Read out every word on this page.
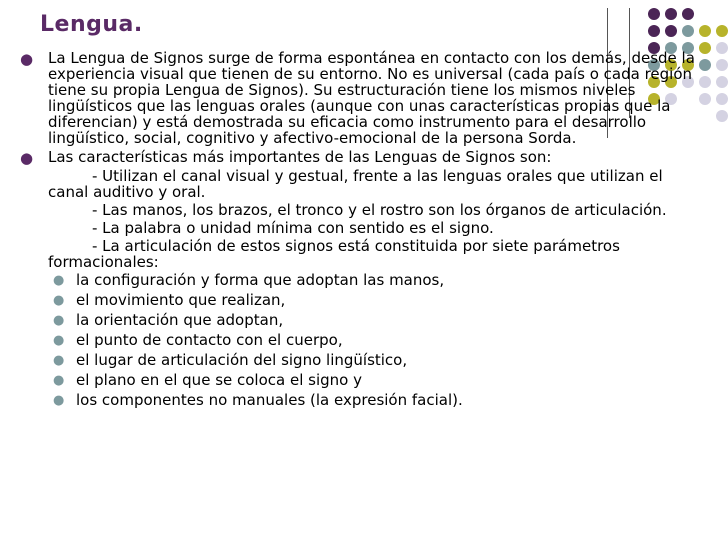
Lengua.
● La Lengua de Signos surge de forma espontánea en contacto con los demás, desde la experiencia visual que tienen de su entorno. No es universal (cada país o cada región tiene su propia Lengua de Signos). Su estructuración tiene los mismos niveles lingüísticos que las lenguas orales (aunque con unas características propias que la diferencian) y está demostrada su eficacia como instrumento para el desarrollo lingüístico, social, cognitivo y afectivo-emocional de la persona Sorda.
● Las características más importantes de las Lenguas de Signos son:
- Utilizan el canal visual y gestual, frente a las lenguas orales que utilizan el canal auditivo y oral.
- Las manos, los brazos, el tronco y el rostro son los órganos de articulación.
- La palabra o unidad mínima con sentido es el signo.
- La articulación de estos signos está constituida por siete parámetros formacionales:
● la configuración y forma que adoptan las manos,
● el movimiento que realizan,
● la orientación que adoptan,
● el punto de contacto con el cuerpo,
● el lugar de articulación del signo lingüístico,
● el plano en el que se coloca el signo y
● los componentes no manuales (la expresión facial).
